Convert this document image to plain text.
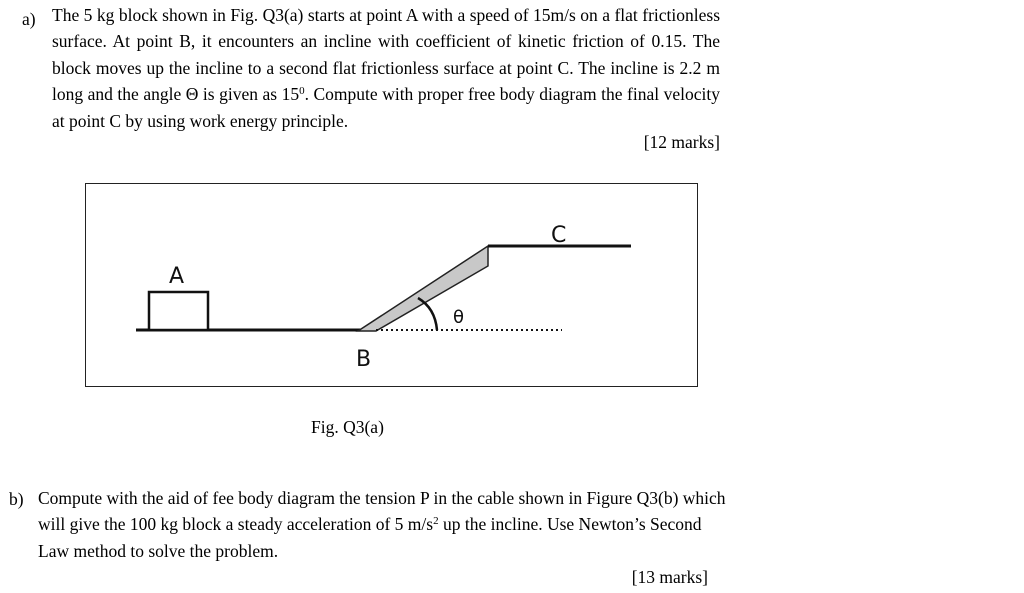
a) The 5 kg block shown in Fig. Q3(a) starts at point A with a speed of 15m/s on a flat frictionless surface. At point B, it encounters an incline with coefficient of kinetic friction of 0.15. The block moves up the incline to a second flat frictionless surface at point C. The incline is 2.2 m long and the angle Θ is given as $15^0$. Compute with proper free body diagram the final velocity at point C by using work energy principle.

[12 marks]
A
B
C
θ
Fig. Q3(a)
b) Compute with the aid of fee body diagram the tension P in the cable shown in Figure Q3(b) which will give the 100 kg block a steady acceleration of 5 $m/s^2$ up the incline. Use Newton’s Second Law method to solve the problem.

[13 marks]
